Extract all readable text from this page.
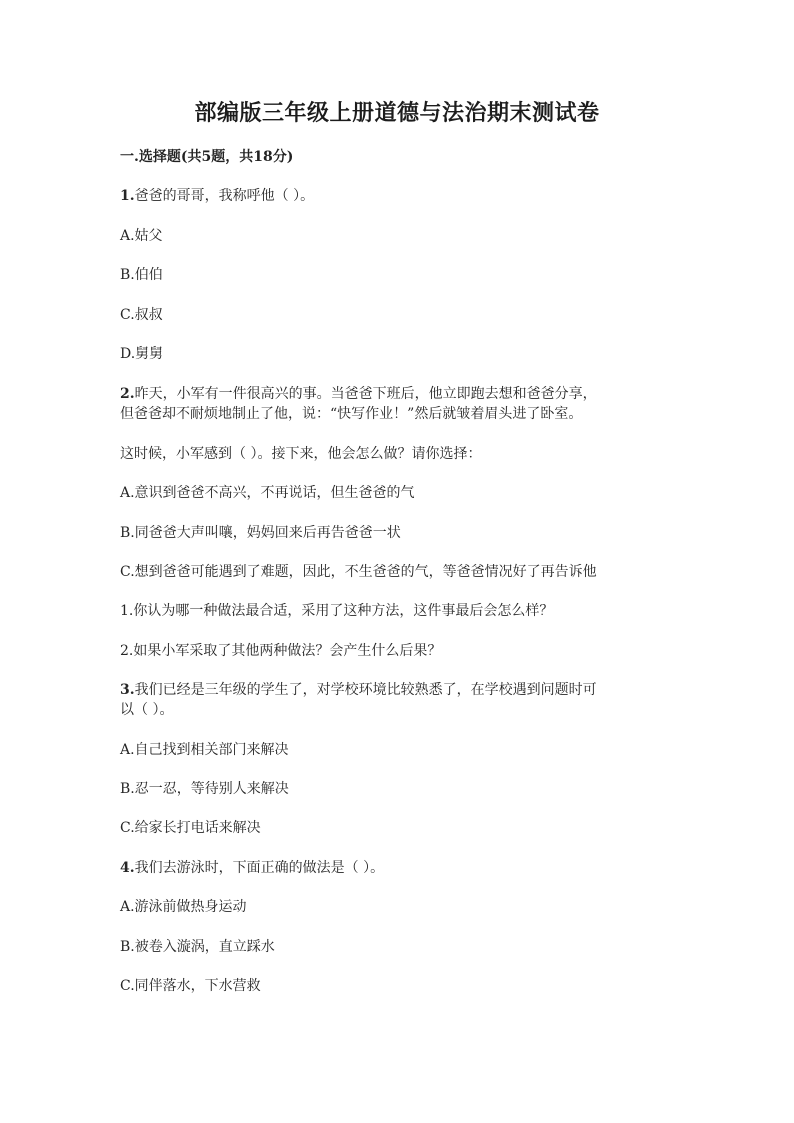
部编版三年级上册道德与法治期末测试卷
一.选择题(共5题，共18分)
1.爸爸的哥哥，我称呼他（ ）。
A.姑父
B.伯伯
C.叔叔
D.舅舅
2.昨天，小军有一件很高兴的事。当爸爸下班后，他立即跑去想和爸爸分享，
但爸爸却不耐烦地制止了他，说：“快写作业！”然后就皱着眉头进了卧室。
这时候，小军感到（ ）。接下来，他会怎么做？请你选择：
A.意识到爸爸不高兴，不再说话，但生爸爸的气
B.同爸爸大声叫嚷，妈妈回来后再告爸爸一状
C.想到爸爸可能遇到了难题，因此，不生爸爸的气，等爸爸情况好了再告诉他
1.你认为哪一种做法最合适，采用了这种方法，这件事最后会怎么样？
2.如果小军采取了其他两种做法？会产生什么后果？
3.我们已经是三年级的学生了，对学校环境比较熟悉了，在学校遇到问题时可
以（ ）。
A.自己找到相关部门来解决
B.忍一忍，等待别人来解决
C.给家长打电话来解决
4.我们去游泳时，下面正确的做法是（ ）。
A.游泳前做热身运动
B.被卷入漩涡，直立踩水
C.同伴落水，下水营救
